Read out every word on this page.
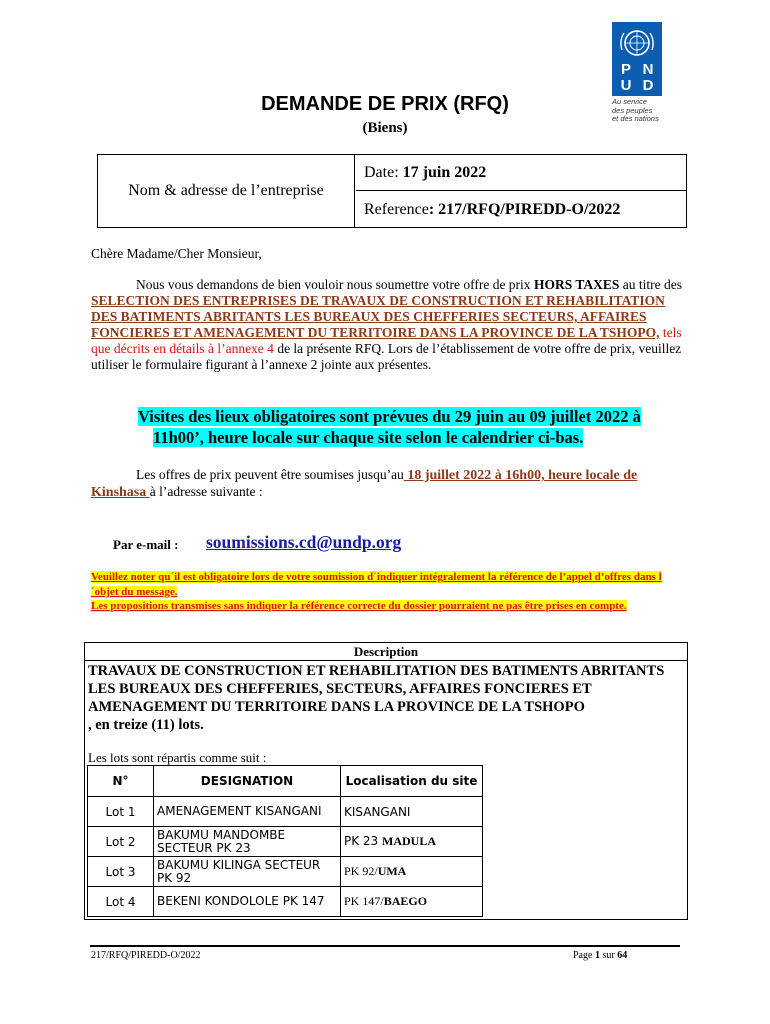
P N
U D
Au service
des peuples
et des nations
DEMANDE DE PRIX (RFQ)
(Biens)
Nom & adresse de l’entreprise
Date: 17 juin 2022
Reference: 217/RFQ/PIREDD-O/2022
Chère Madame/Cher Monsieur,
Nous vous demandons de bien vouloir nous soumettre votre offre de prix HORS TAXES au titre des SELECTION DES ENTREPRISES DE TRAVAUX DE CONSTRUCTION ET REHABILITATION DES BATIMENTS ABRITANTS LES BUREAUX DES CHEFFERIES SECTEURS, AFFAIRES FONCIERES ET AMENAGEMENT DU TERRITOIRE DANS LA PROVINCE DE LA TSHOPO, tels que décrits en détails à l’annexe 4 de la présente RFQ. Lors de l’établissement de votre offre de prix, veuillez utiliser le formulaire figurant à l’annexe 2 jointe aux présentes.
Visites des lieux obligatoires sont prévues du 29 juin au 09 juillet 2022 à
11h00’, heure locale sur chaque site selon le calendrier ci-bas.
Les offres de prix peuvent être soumises jusqu’au 18 juillet 2022 à 16h00, heure locale de Kinshasa à l’adresse suivante :
Par e-mail : soumissions.cd@undp.org
Veuillez noter qu´il est obligatoire lors de votre soumission d´indiquer intégralement la référence de l’appel d’offres dans l´objet du message.
Les propositions transmises sans indiquer la référence correcte du dossier pourraient ne pas être prises en compte.
Description
TRAVAUX DE CONSTRUCTION ET REHABILITATION DES BATIMENTS ABRITANTS LES BUREAUX DES CHEFFERIES, SECTEURS, AFFAIRES FONCIERES ET AMENAGEMENT DU TERRITOIRE DANS LA PROVINCE DE LA TSHOPO
, en treize (11) lots.
Les lots sont répartis comme suit :
N°	DESIGNATION	Localisation du site
Lot 1	AMENAGEMENT KISANGANI	KISANGANI
Lot 2	BAKUMU MANDOMBE SECTEUR PK 23	PK 23 MADULA
Lot 3	BAKUMU KILINGA SECTEUR PK 92	PK 92/UMA
Lot 4	BEKENI KONDOLOLE PK 147	PK 147/BAEGO
217/RFQ/PIREDD-O/2022	Page 1 sur 64
